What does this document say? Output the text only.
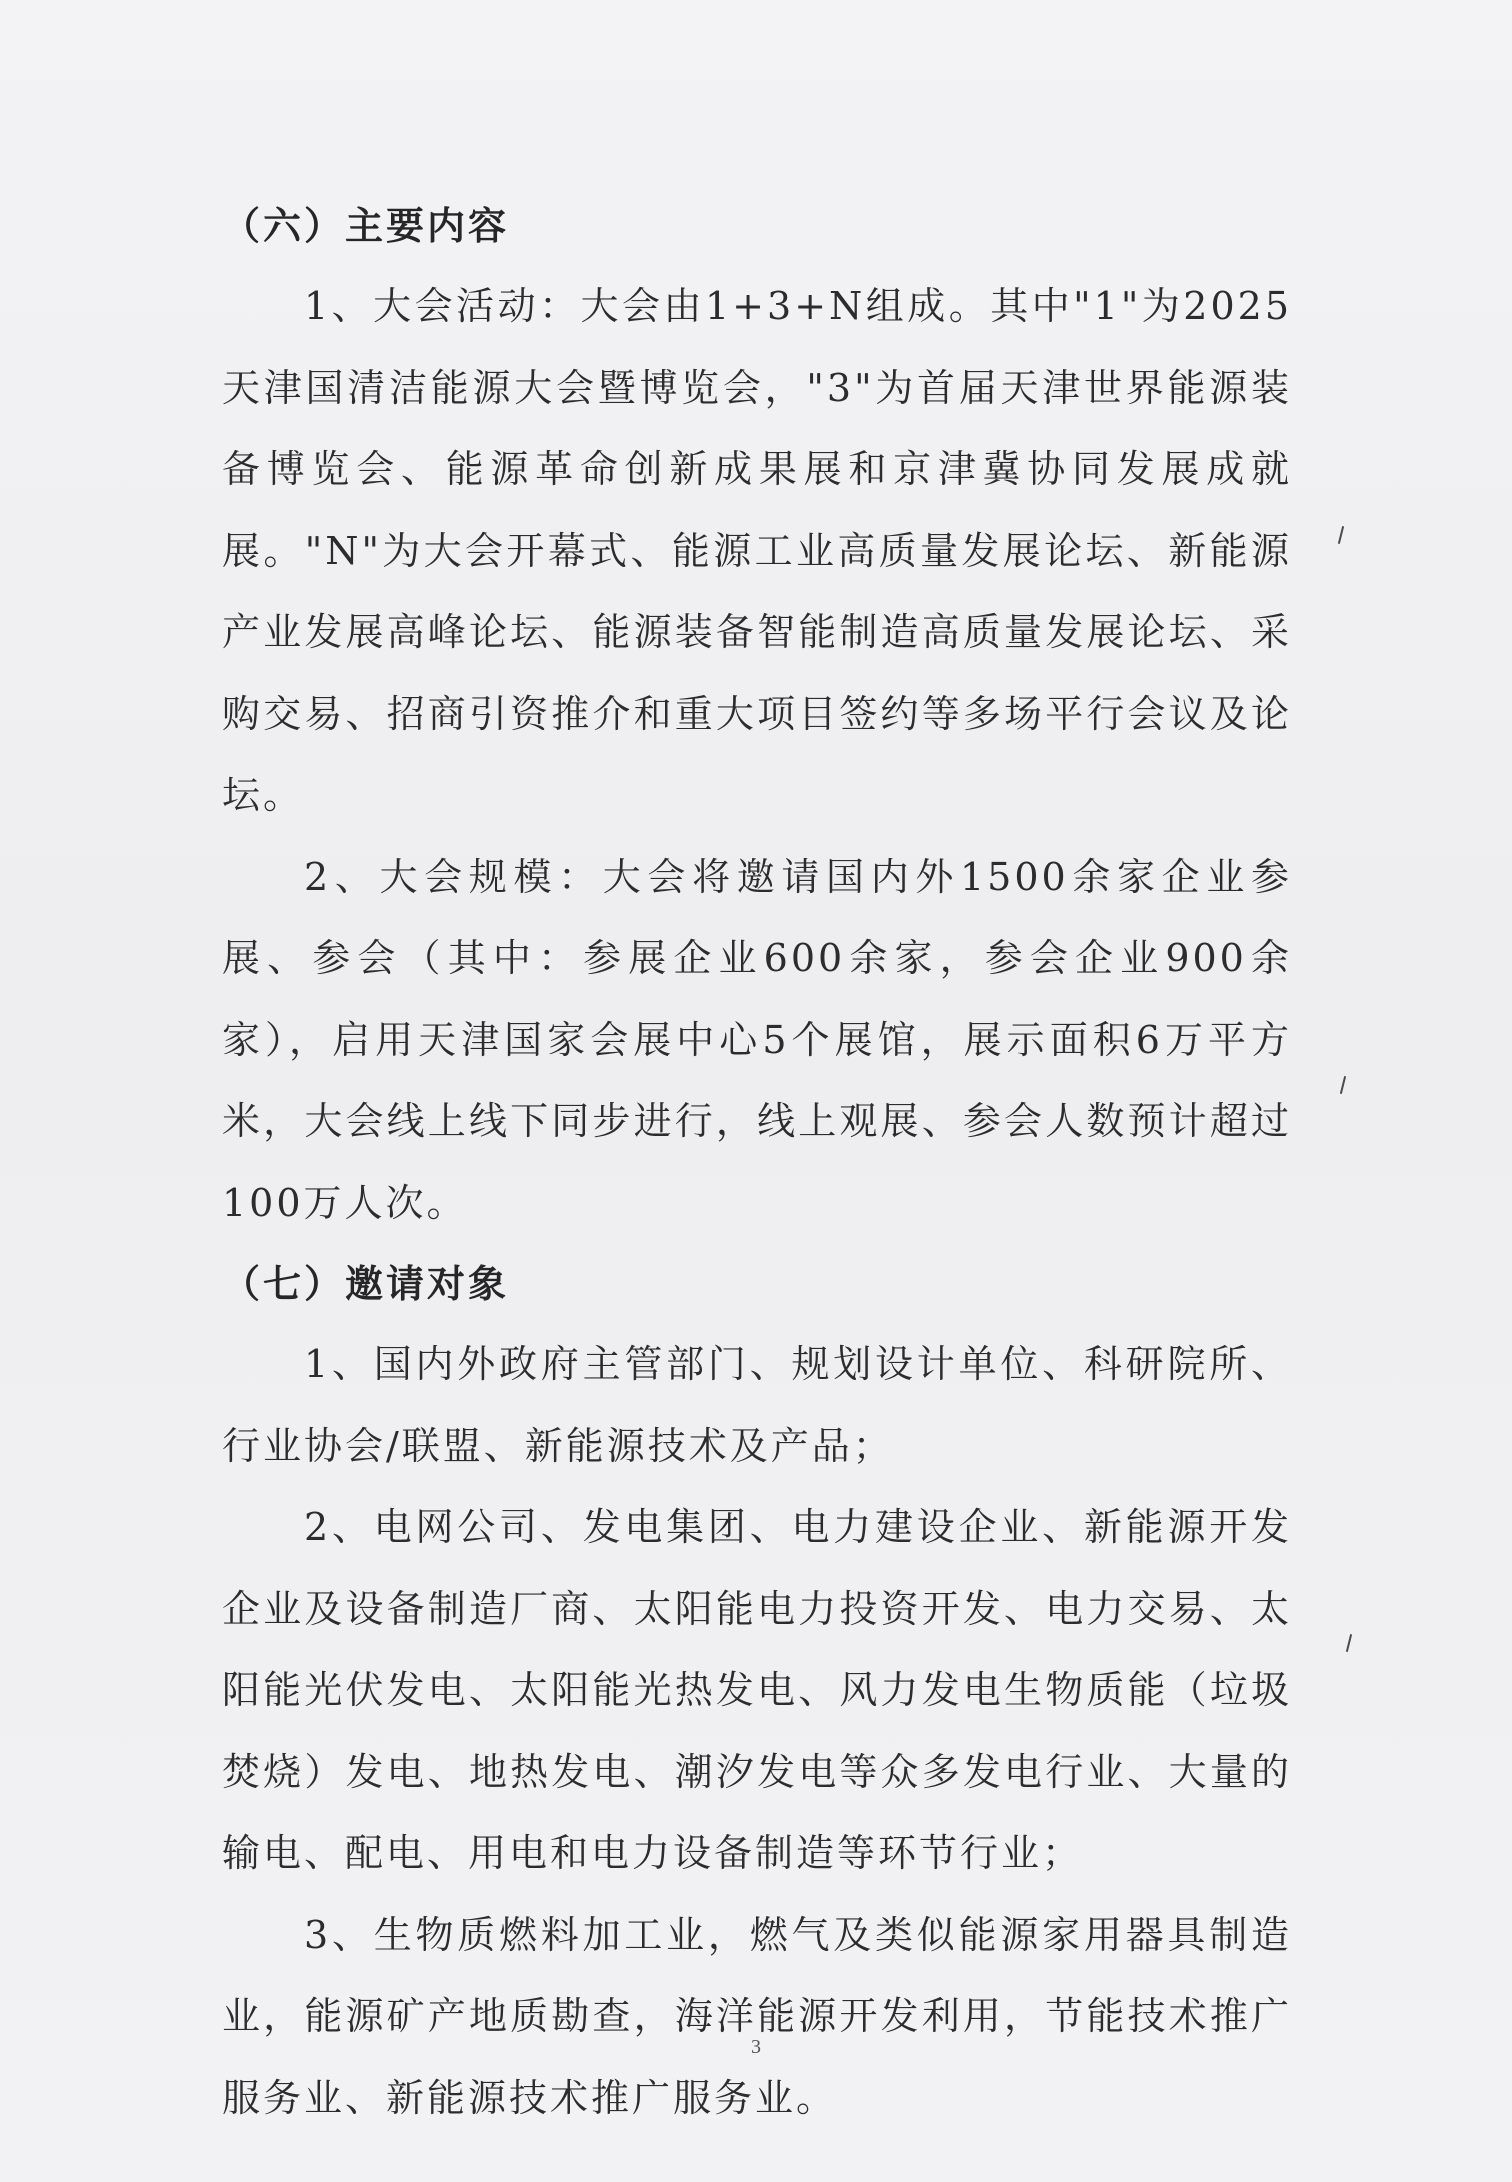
（六）主要内容

1、大会活动：大会由1+3+N组成。其中"1"为2025天津国清洁能源大会暨博览会，"3"为首届天津世界能源装备博览会、能源革命创新成果展和京津冀协同发展成就展。"N"为大会开幕式、能源工业高质量发展论坛、新能源产业发展高峰论坛、能源装备智能制造高质量发展论坛、采购交易、招商引资推介和重大项目签约等多场平行会议及论坛。

2、大会规模：大会将邀请国内外1500余家企业参展、参会（其中：参展企业600余家，参会企业900余家），启用天津国家会展中心5个展馆，展示面积6万平方米，大会线上线下同步进行，线上观展、参会人数预计超过100万人次。

（七）邀请对象

1、国内外政府主管部门、规划设计单位、科研院所、行业协会/联盟、新能源技术及产品；

2、电网公司、发电集团、电力建设企业、新能源开发企业及设备制造厂商、太阳能电力投资开发、电力交易、太阳能光伏发电、太阳能光热发电、风力发电生物质能（垃圾焚烧）发电、地热发电、潮汐发电等众多发电行业、大量的输电、配电、用电和电力设备制造等环节行业；

3、生物质燃料加工业，燃气及类似能源家用器具制造业，能源矿产地质勘查，海洋能源开发利用，节能技术推广服务业、新能源技术推广服务业。

3
